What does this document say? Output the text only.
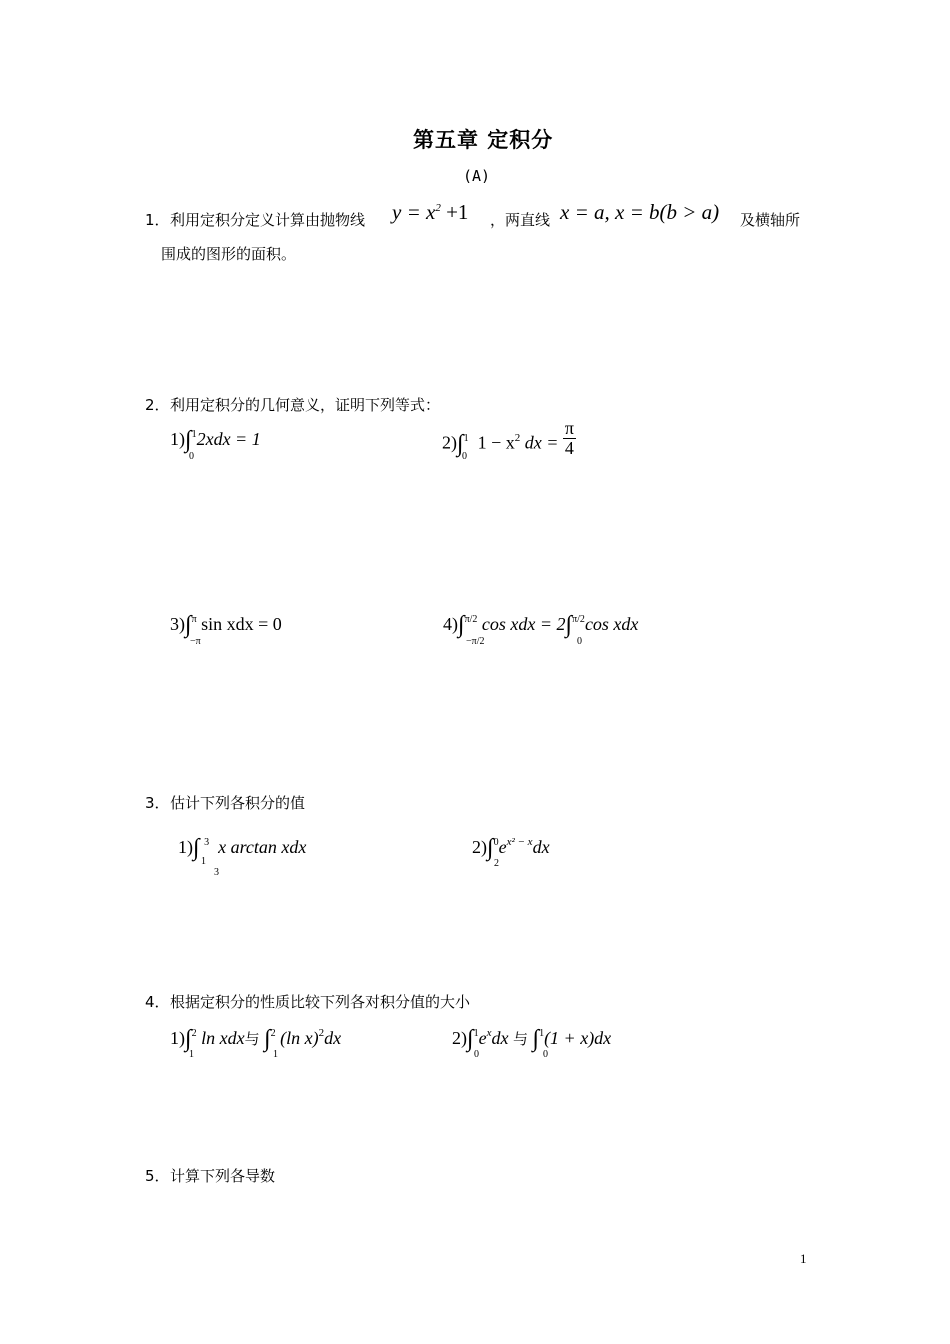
第五章 定积分
(A)
1． 利用定积分定义计算由抛物线 $y = x^2 +1$ ，两直线 x = a, x = b(b > a) 及横轴所
围成的图形的面积。
2． 利用定积分的几何意义，证明下列等式：
1)∫$^1$2xdx = 1
0
2)∫$^1$ $1 - x^2$ dx = $\frac{\pi}{4}$
0
3)∫$^\pi$ sin xdx = 0
−π
4)∫$^{\pi/2}$ cos xdx = 2∫$^{\pi/2}$cos xdx
−π/2	0
3． 估计下列各积分的值
1)∫ $^3$ x arctan xdx
1
3
$2)\int^0e^{x^2 - x}dx$
2
4． 根据定积分的性质比较下列各对积分值的大小
1)∫$^2$ ln xdx与 ∫$^2$ (ln x)$^2$dx
1	1
$2)\int^1e^xdx$ 与 ∫$^1$(1 + x)dx
0	0
5． 计算下列各导数
1
